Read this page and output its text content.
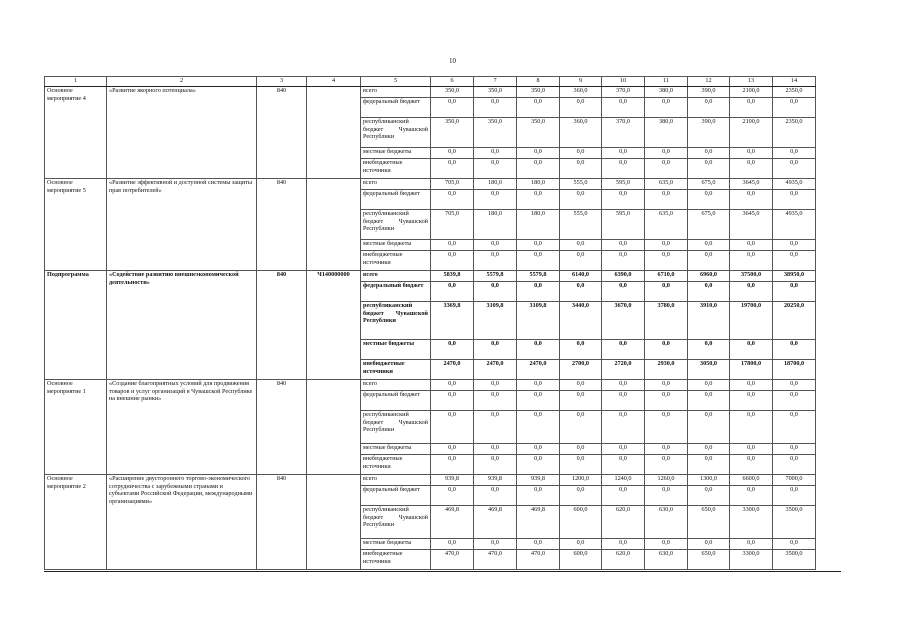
10
1	2	3	4	5	6	7	8	9	10	11	12	13	14
Основное мероприятие 4	«Развитие якорного потенциала»	840		всего	350,0	350,0	350,0	360,0	370,0	380,0	390,0	2100,0	2350,0
				федеральный бюджет	0,0	0,0	0,0	0,0	0,0	0,0	0,0	0,0	0,0
				республиканский бюджет Чувашской Республики	350,0	350,0	350,0	360,0	370,0	380,0	390,0	2100,0	2350,0
				местные бюджеты	0,0	0,0	0,0	0,0	0,0	0,0	0,0	0,0	0,0
				внебюджетные источники	0,0	0,0	0,0	0,0	0,0	0,0	0,0	0,0	0,0
Основное мероприятие 5	«Развитие эффективной и доступной системы защиты прав потребителей»	840		всего	705,0	180,0	180,0	555,0	595,0	635,0	675,0	3645,0	4935,0
				федеральный бюджет	0,0	0,0	0,0	0,0	0,0	0,0	0,0	0,0	0,0
				республиканский бюджет Чувашской Республики	705,0	180,0	180,0	555,0	595,0	635,0	675,0	3645,0	4935,0
				местные бюджеты	0,0	0,0	0,0	0,0	0,0	0,0	0,0	0,0	0,0
				внебюджетные источники	0,0	0,0	0,0	0,0	0,0	0,0	0,0	0,0	0,0
Подпрограмма	«Содействие развитию внешнеэкономической деятельности»	840	Ч140000000	всего	5839,8	5579,8	5579,8	6140,0	6390,0	6710,0	6960,0	37500,0	38950,0
				федеральный бюджет	0,0	0,0	0,0	0,0	0,0	0,0	0,0	0,0	0,0
				республиканский бюджет Чувашской Республики	3369,8	3109,8	3109,8	3440,0	3670,0	3780,0	3910,0	19700,0	20250,0
				местные бюджеты	0,0	0,0	0,0	0,0	0,0	0,0	0,0	0,0	0,0
				внебюджетные источники	2470,0	2470,0	2470,0	2700,0	2720,0	2930,0	3050,0	17800,0	18700,0
Основное мероприятие 1	«Создание благоприятных условий для продвижения товаров и услуг организаций в Чувашской Республике на внешние рынки»	840		всего	0,0	0,0	0,0	0,0	0,0	0,0	0,0	0,0	0,0
				федеральный бюджет	0,0	0,0	0,0	0,0	0,0	0,0	0,0	0,0	0,0
				республиканский бюджет Чувашской Республики	0,0	0,0	0,0	0,0	0,0	0,0	0,0	0,0	0,0
				местные бюджеты	0,0	0,0	0,0	0,0	0,0	0,0	0,0	0,0	0,0
				внебюджетные источники	0,0	0,0	0,0	0,0	0,0	0,0	0,0	0,0	0,0
Основное мероприятие 2	«Расширение двустороннего торгово-экономического сотрудничества с зарубежными странами и субъектами Российской Федерации, международными организациями»	840		всего	939,8	939,8	939,8	1200,0	1240,0	1260,0	1300,0	6600,0	7000,0
				федеральный бюджет	0,0	0,0	0,0	0,0	0,0	0,0	0,0	0,0	0,0
				республиканский бюджет Чувашской Республики	469,8	469,8	469,8	600,0	620,0	630,0	650,0	3300,0	3500,0
				местные бюджеты	0,0	0,0	0,0	0,0	0,0	0,0	0,0	0,0	0,0
				внебюджетные источники	470,0	470,0	470,0	600,0	620,0	630,0	650,0	3300,0	3500,0
